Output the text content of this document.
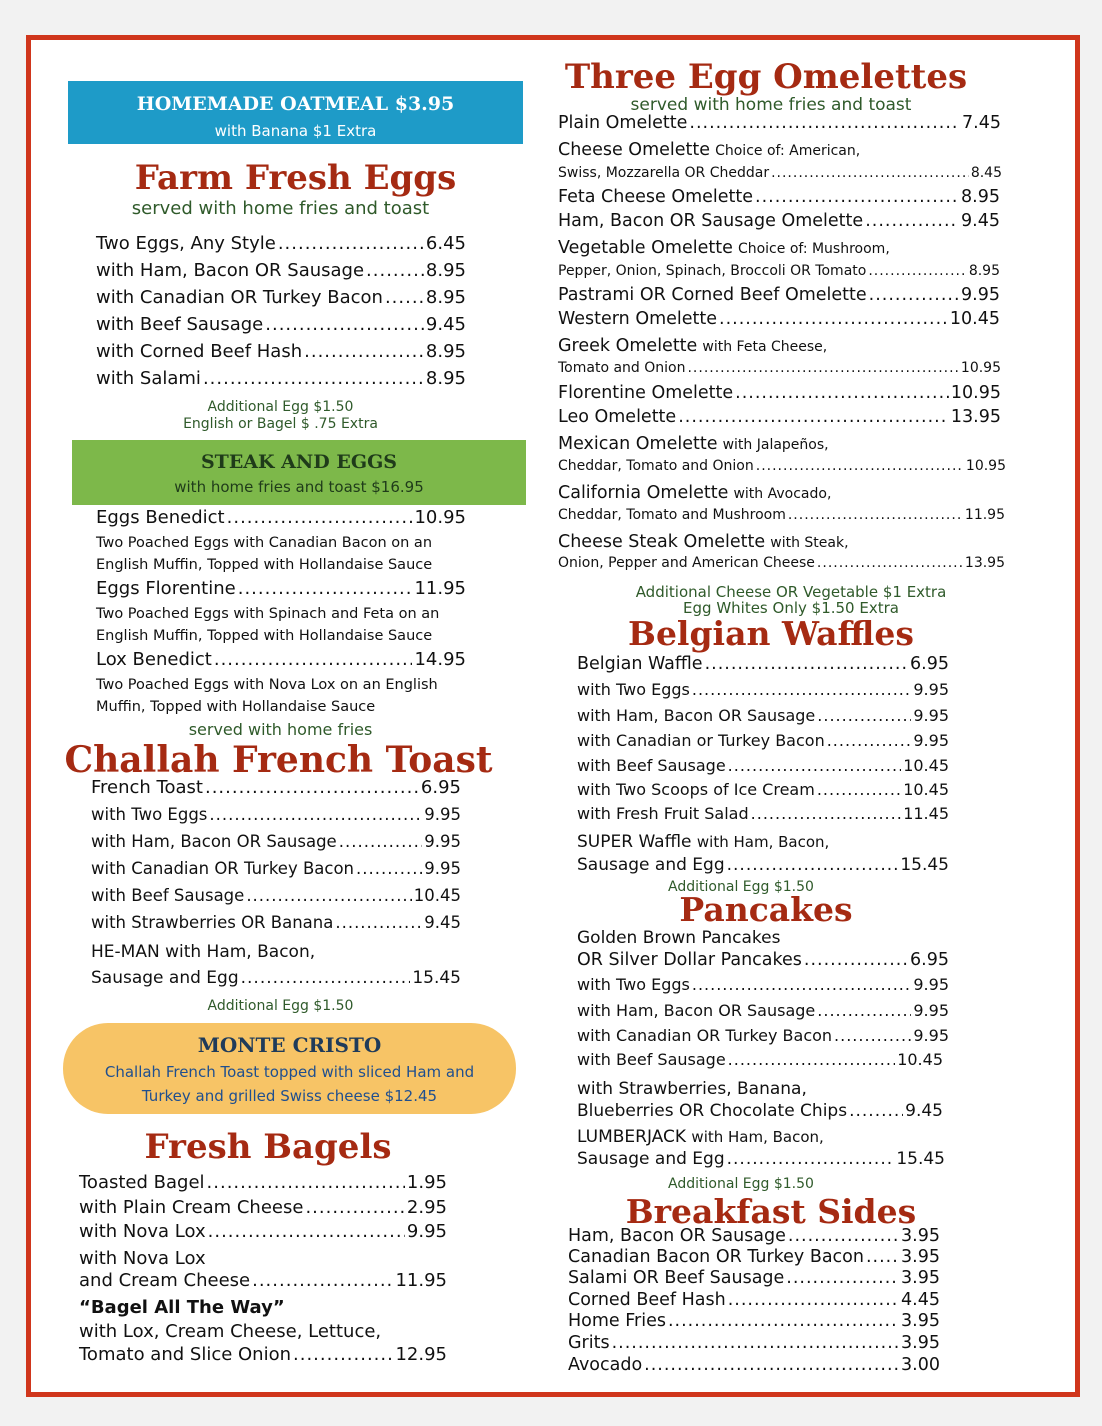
HOMEMADE OATMEAL $3.95
with Banana $1 Extra
Farm Fresh Eggs
served with home fries and toast
Additional Egg $1.50
English or Bagel $ .75 Extra
STEAK AND EGGS
with home fries and toast $16.95
served with home fries
Challah French Toast
HE-MAN with Ham, Bacon,
Sausage and Egg .....	15.45
Additional Egg $1.50
MONTE CRISTO
Challah French Toast topped with sliced Ham and
Turkey and grilled Swiss cheese $12.45
Fresh Bagels
with Nova Lox
and Cream Cheese .....	11.95
“Bagel All The Way”
with Lox, Cream Cheese, Lettuce,
Tomato and Slice Onion .....	12.95
Three Egg Omelettes
served with home fries and toast
Additional Cheese OR Vegetable $1 Extra
Egg Whites Only $1.50 Extra
Belgian Waffles
SUPER Waffle with Ham, Bacon,
Sausage and Egg .....	15.45
Additional Egg $1.50
Pancakes
Golden Brown Pancakes
with Strawberries, Banana,
Blueberries OR Chocolate Chips .....	9.45
LUMBERJACK with Ham, Bacon,
Sausage and Egg .....	15.45
Additional Egg $1.50
Breakfast Sides
Two Eggs, Any Style .....	6.45
with Ham, Bacon OR Sausage .....	8.95
with Canadian OR Turkey Bacon ..... 8.95
with Beef Sausage .....	9.45
with Corned Beef Hash .....	8.95
with Salami .....	8.95
Eggs Benedict .....	10.95
Two Poached Eggs with Canadian Bacon on an
English Muffin, Topped with Hollandaise Sauce
Eggs Florentine .....	11.95
Two Poached Eggs with Spinach and Feta on an
English Muffin, Topped with Hollandaise Sauce
Lox Benedict .....	14.95
Two Poached Eggs with Nova Lox on an English
Muffin, Topped with Hollandaise Sauce
French Toast .....	6.95
with Two Eggs .....	9.95
with Ham, Bacon OR Sausage .....	9.95
with Canadian OR Turkey Bacon .....	9.95
with Beef Sausage .....	10.45
with Strawberries OR Banana .....	9.45
Toasted Bagel .....	1.95
with Plain Cream Cheese .....	2.95
with Nova Lox .....	9.95
Plain Omelette .....	7.45
Cheese Omelette Choice of: American,
Swiss, Mozzarella OR Cheddar .....	8.45
Feta Cheese Omelette .....	8.95
Ham, Bacon OR Sausage Omelette .....	9.45
Vegetable Omelette Choice of: Mushroom,
Pepper, Onion, Spinach, Broccoli OR Tomato .....	8.95
Pastrami OR Corned Beef Omelette .....	9.95
Western Omelette .....	10.45
Greek Omelette with Feta Cheese,
Tomato and Onion .....	10.95
Florentine Omelette .....	10.95
Leo Omelette .....	13.95
Mexican Omelette with Jalapeños,
Cheddar, Tomato and Onion .....	10.95
California Omelette with Avocado,
Cheddar, Tomato and Mushroom .....	11.95
Cheese Steak Omelette with Steak,
Onion, Pepper and American Cheese .....	13.95
Belgian Waffle .....	6.95
with Two Eggs .....	9.95
with Ham, Bacon OR Sausage .....	9.95
with Canadian or Turkey Bacon .....	9.95
with Beef Sausage .....	10.45
with Two Scoops of Ice Cream .....	10.45
with Fresh Fruit Salad .....	11.45
OR Silver Dollar Pancakes .....	6.95
with Two Eggs .....	9.95
with Ham, Bacon OR Sausage .....	9.95
with Canadian OR Turkey Bacon .....	9.95
with Beef Sausage .....	10.45
Ham, Bacon OR Sausage .....	3.95
Canadian Bacon OR Turkey Bacon ..... 3.95
Salami OR Beef Sausage .....	3.95
Corned Beef Hash .....	4.45
Home Fries .....	3.95
Grits .....	3.95
Avocado .....	3.00
